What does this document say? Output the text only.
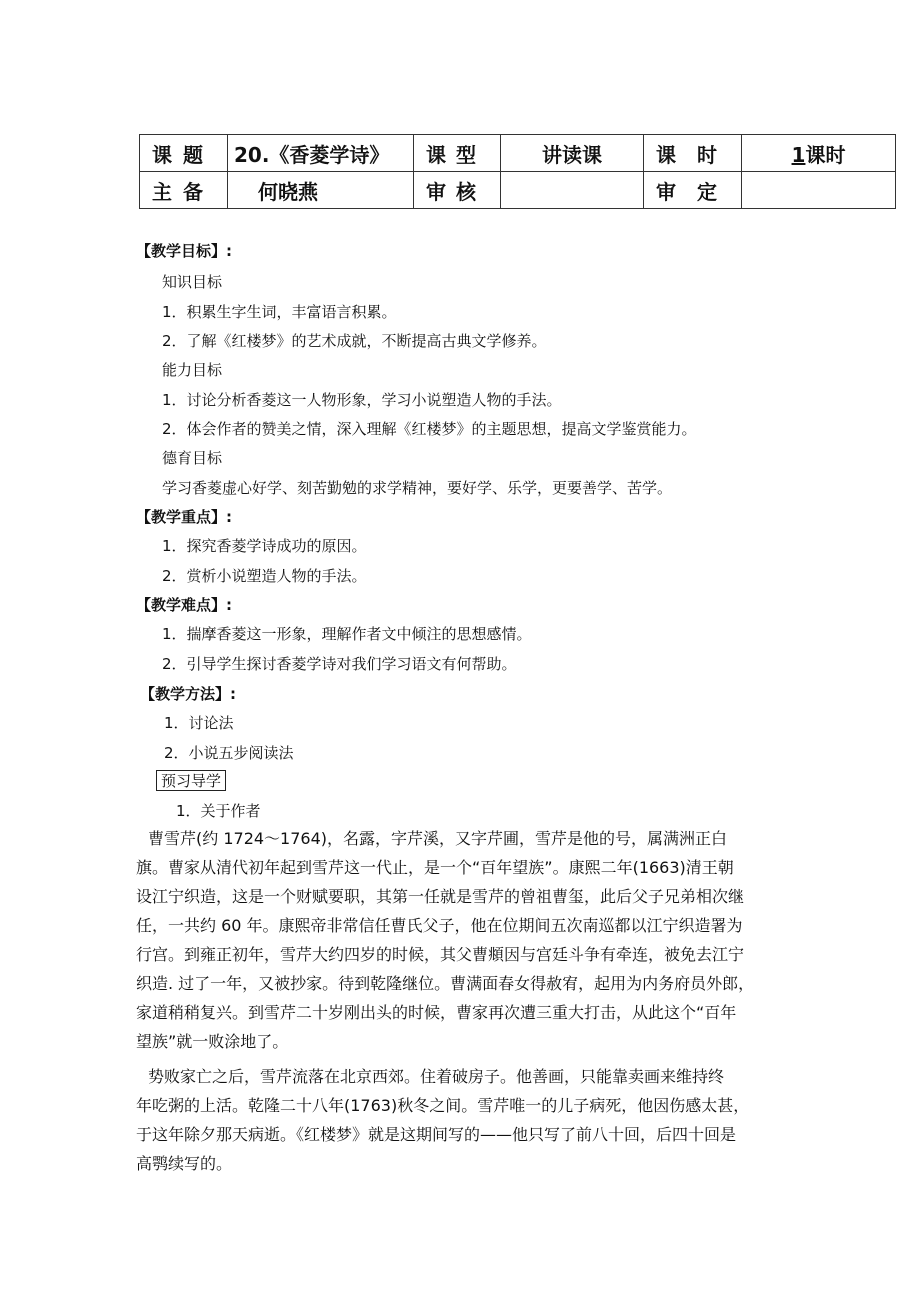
课 题	20.《香菱学诗》	课 型	讲读课	课 时	1课时

主 备	何晓燕	审 核		审 定	

【教学目标】:
知识目标
1．积累生字生词，丰富语言积累。
2．了解《红楼梦》的艺术成就，不断提高古典文学修养。
能力目标
1．讨论分析香菱这一人物形象，学习小说塑造人物的手法。
2．体会作者的赞美之情，深入理解《红楼梦》的主题思想，提高文学鉴赏能力。
德育目标
学习香菱虚心好学、刻苦勤勉的求学精神，要好学、乐学，更要善学、苦学。
【教学重点】:
1．探究香菱学诗成功的原因。
2．赏析小说塑造人物的手法。
【教学难点】:
1．揣摩香菱这一形象，理解作者文中倾注的思想感情。
2．引导学生探讨香菱学诗对我们学习语文有何帮助。
【教学方法】:
1．讨论法
2．小说五步阅读法
预习导学
1．关于作者

曹雪芹(约 1724～1764)，名露，字芹溪，又字芹圃，雪芹是他的号，属满洲正白

旗。曹家从清代初年起到雪芹这一代止，是一个“百年望族”。康熙二年(1663)清王朝

设江宁织造，这是一个财赋要职，其第一任就是雪芹的曾祖曹玺，此后父子兄弟相次继

任，一共约 60 年。康熙帝非常信任曹氏父子，他在位期间五次南巡都以江宁织造署为

行宫。到雍正初年，雪芹大约四岁的时候，其父曹頫因与宫廷斗争有牵连，被免去江宁

织造. 过了一年，又被抄家。待到乾隆继位。曹满面春女得赦宥，起用为内务府员外郎，

家道稍稍复兴。到雪芹二十岁刚出头的时候，曹家再次遭三重大打击，从此这个“百年

望族”就一败涂地了。

势败家亡之后，雪芹流落在北京西郊。住着破房子。他善画，只能靠卖画来维持终

年吃粥的上活。乾隆二十八年(1763)秋冬之间。雪芹唯一的儿子病死，他因伤感太甚，

于这年除夕那天病逝。《红楼梦》就是这期间写的——他只写了前八十回，后四十回是

高鹗续写的。
